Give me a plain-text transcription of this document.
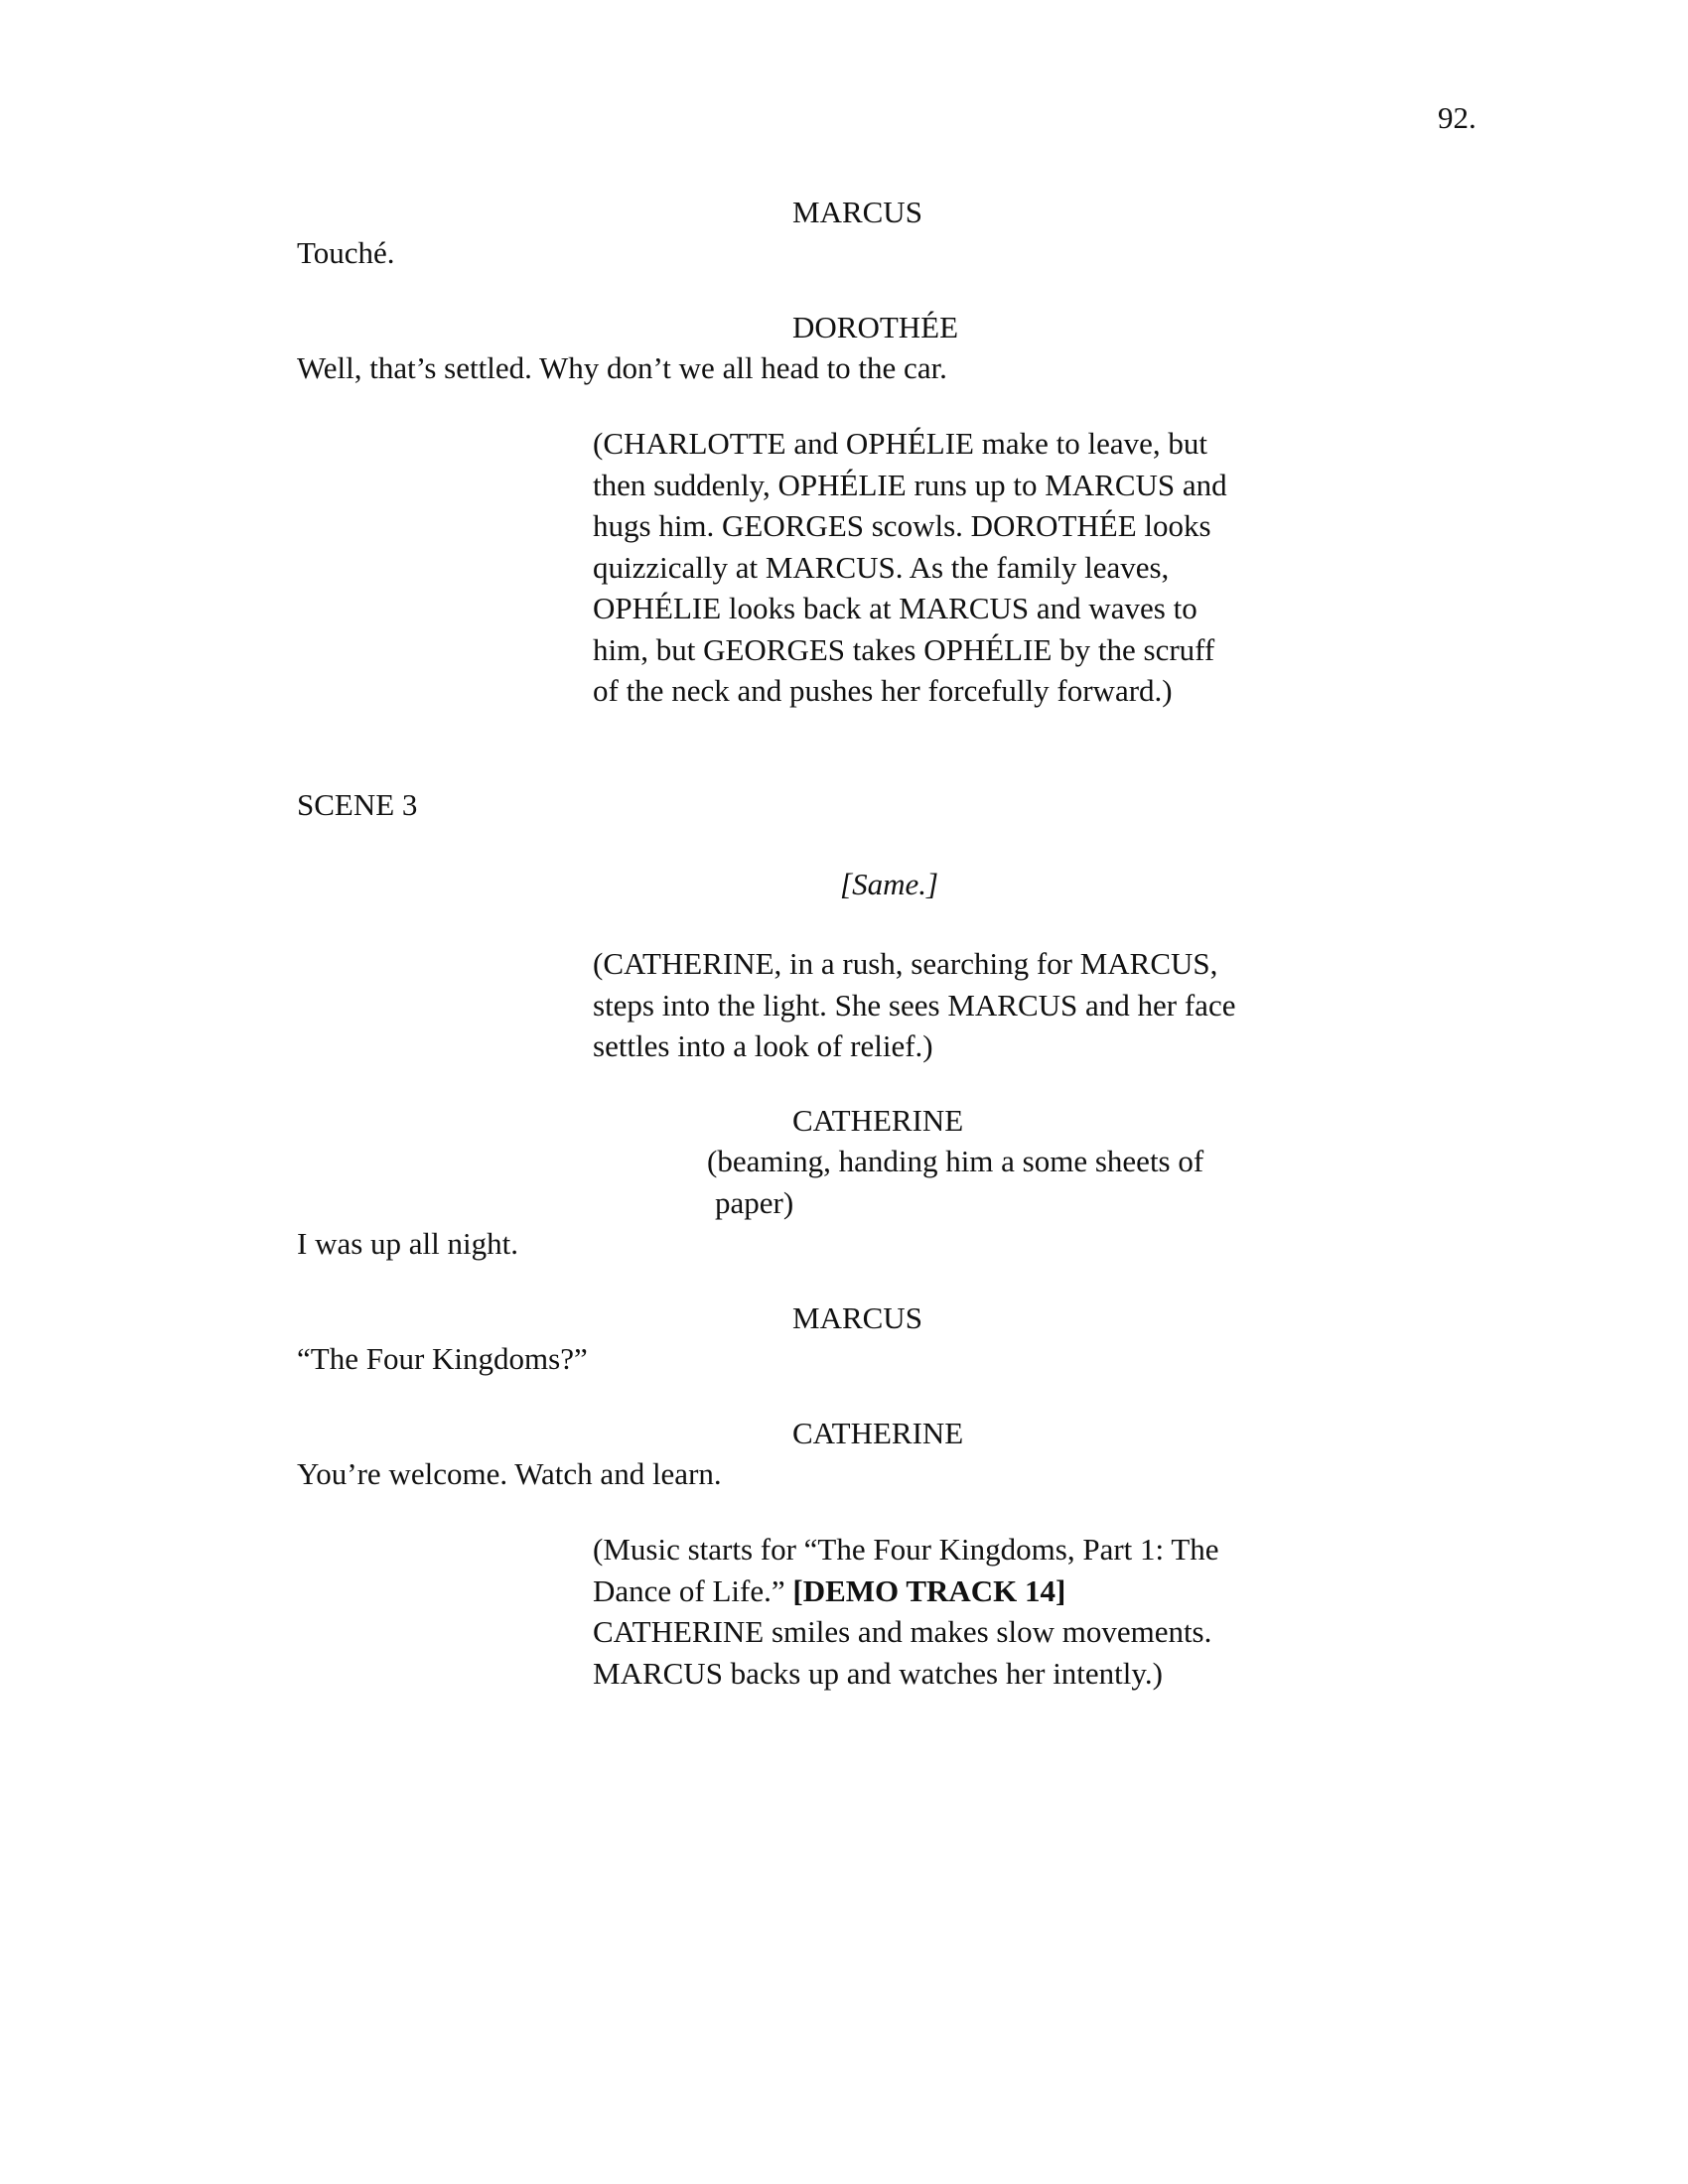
92.
MARCUS
Touché.
DOROTHÉE
Well, that’s settled. Why don’t we all head to the car.
(CHARLOTTE and OPHÉLIE make to leave, but
then suddenly, OPHÉLIE runs up to MARCUS and
hugs him. GEORGES scowls. DOROTHÉE looks
quizzically at MARCUS. As the family leaves,
OPHÉLIE looks back at MARCUS and waves to
him, but GEORGES takes OPHÉLIE by the scruff
of the neck and pushes her forcefully forward.)
SCENE 3
[Same.]
(CATHERINE, in a rush, searching for MARCUS,
steps into the light. She sees MARCUS and her face
settles into a look of relief.)
CATHERINE
(beaming, handing him a some sheets of
paper)
I was up all night.
MARCUS
“The Four Kingdoms?”
CATHERINE
You’re welcome. Watch and learn.
(Music starts for “The Four Kingdoms, Part 1: The
Dance of Life.” [DEMO TRACK 14]
CATHERINE smiles and makes slow movements.
MARCUS backs up and watches her intently.)
